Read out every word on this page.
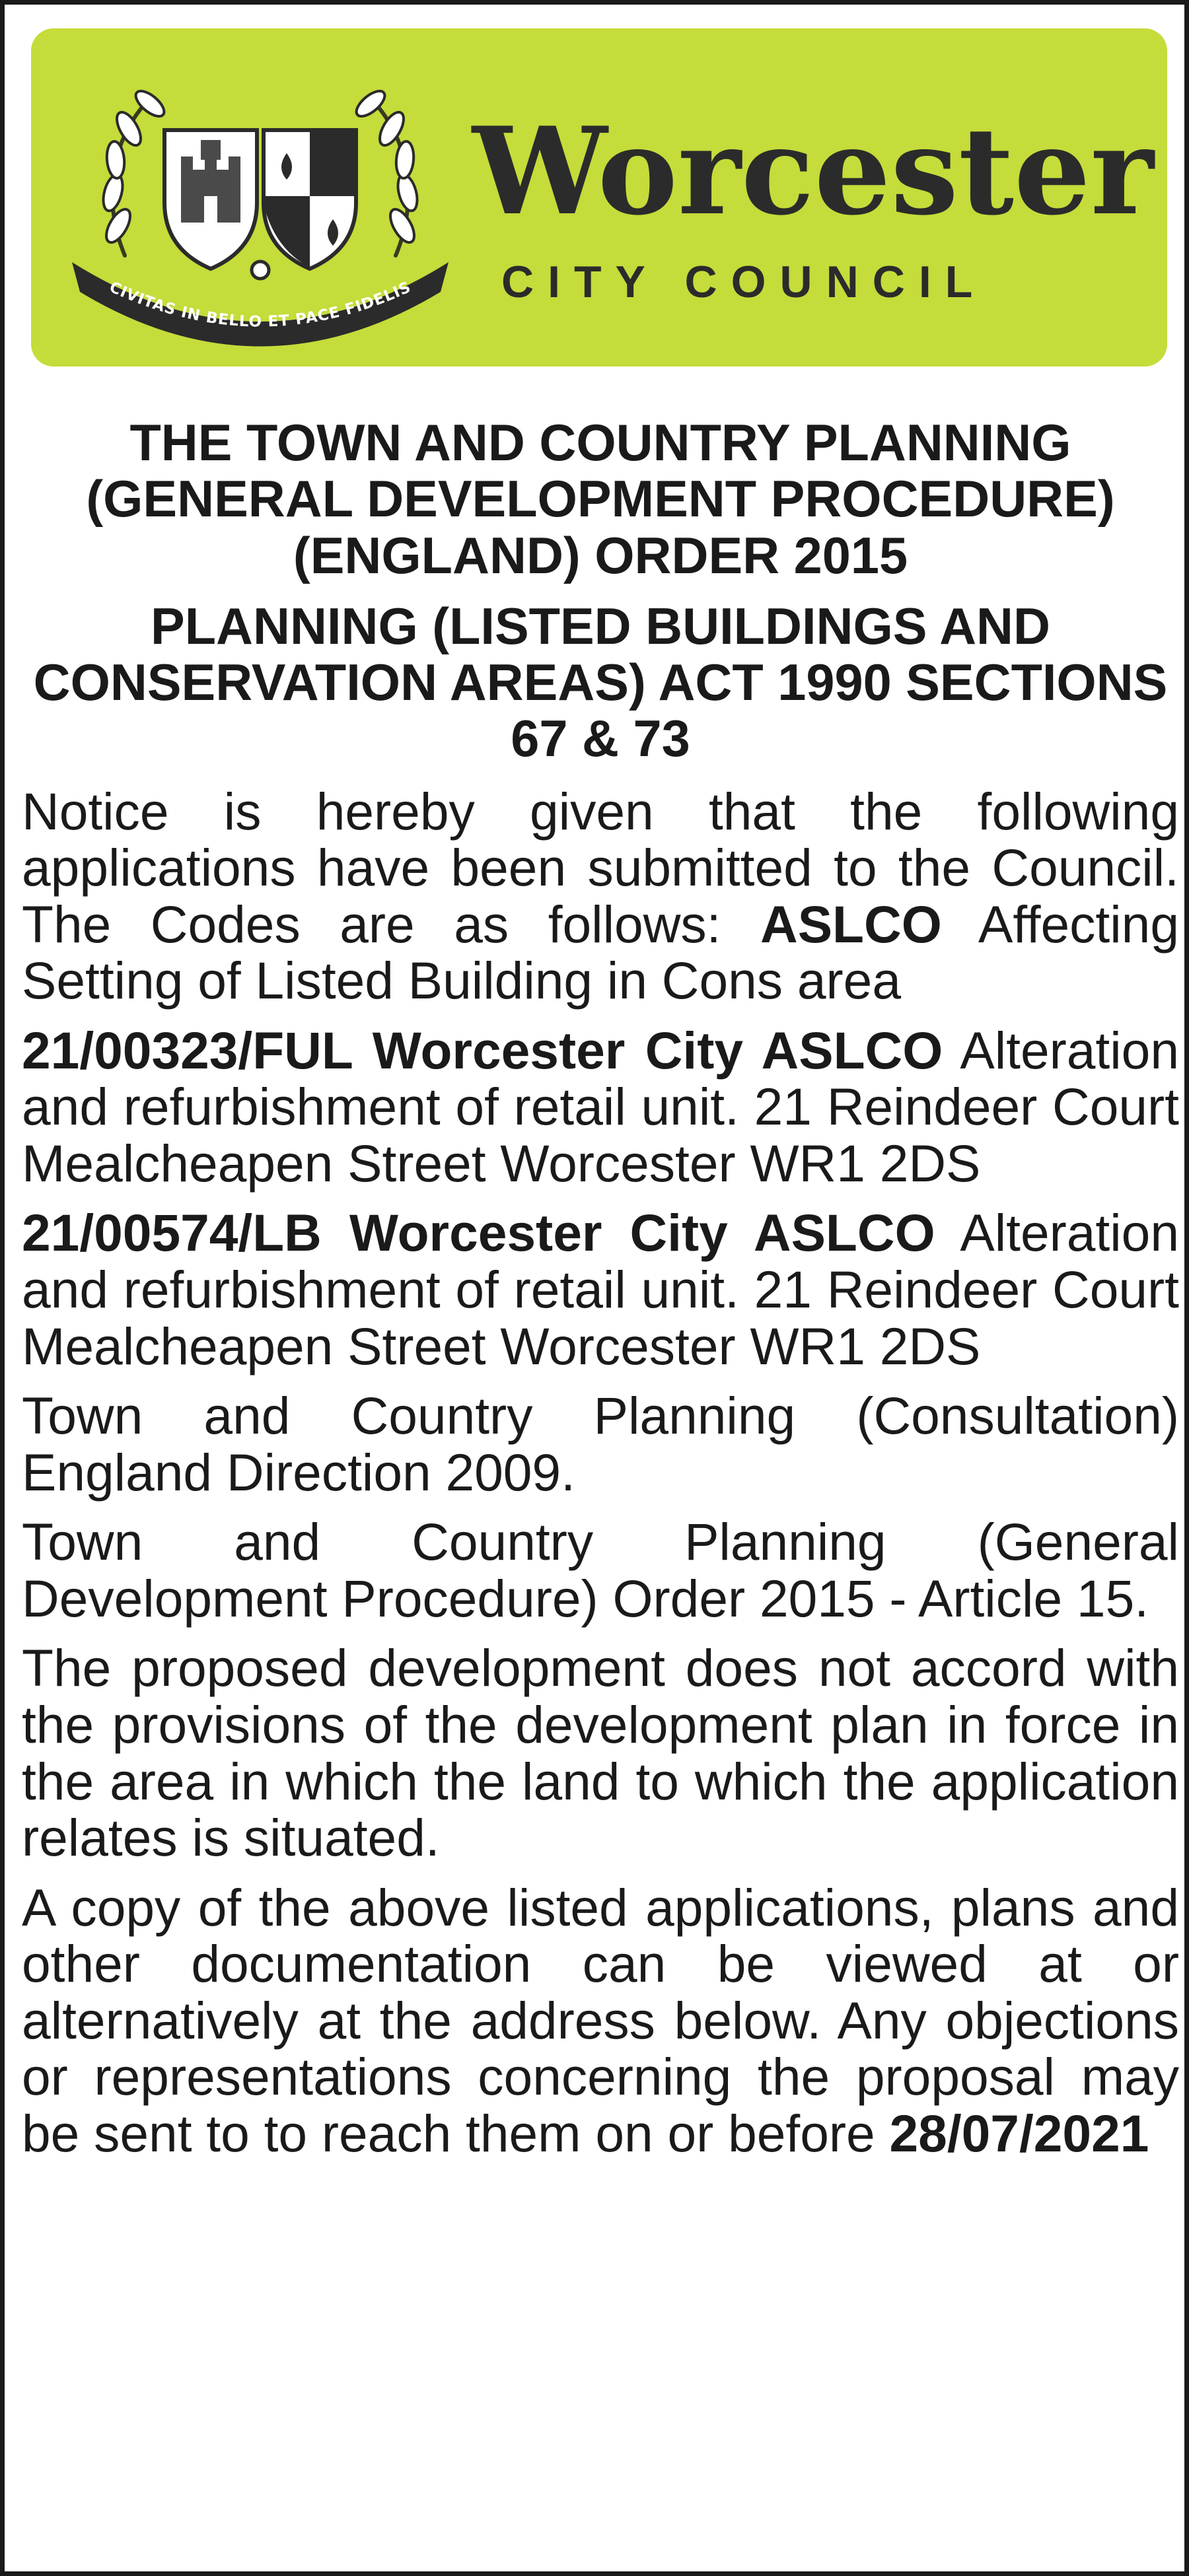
CIVITAS IN BELLO ET PACE FIDELIS
Worcester
CITY COUNCIL

THE TOWN AND COUNTRY PLANNING (GENERAL DEVELOPMENT PROCEDURE) (ENGLAND) ORDER 2015

PLANNING (LISTED BUILDINGS AND CONSERVATION AREAS) ACT 1990 SECTIONS 67 & 73

Notice is hereby given that the following applications have been submitted to the Council. The Codes are as follows: ASLCO Affecting Setting of Listed Building in Cons area

21/00323/FUL Worcester City ASLCO Alteration and refurbishment of retail unit. 21 Reindeer Court Mealcheapen Street Worcester WR1 2DS

21/00574/LB Worcester City ASLCO Alteration and refurbishment of retail unit. 21 Reindeer Court Mealcheapen Street Worcester WR1 2DS

Town and Country Planning (Consultation) England Direction 2009.

Town and Country Planning (General Development Procedure) Order 2015 - Article 15.

The proposed development does not accord with the provisions of the development plan in force in the area in which the land to which the application relates is situated.

A copy of the above listed applications, plans and other documentation can be viewed at or alternatively at the address below. Any objections or representations concerning the proposal may be sent to to reach them on or before 28/07/2021
